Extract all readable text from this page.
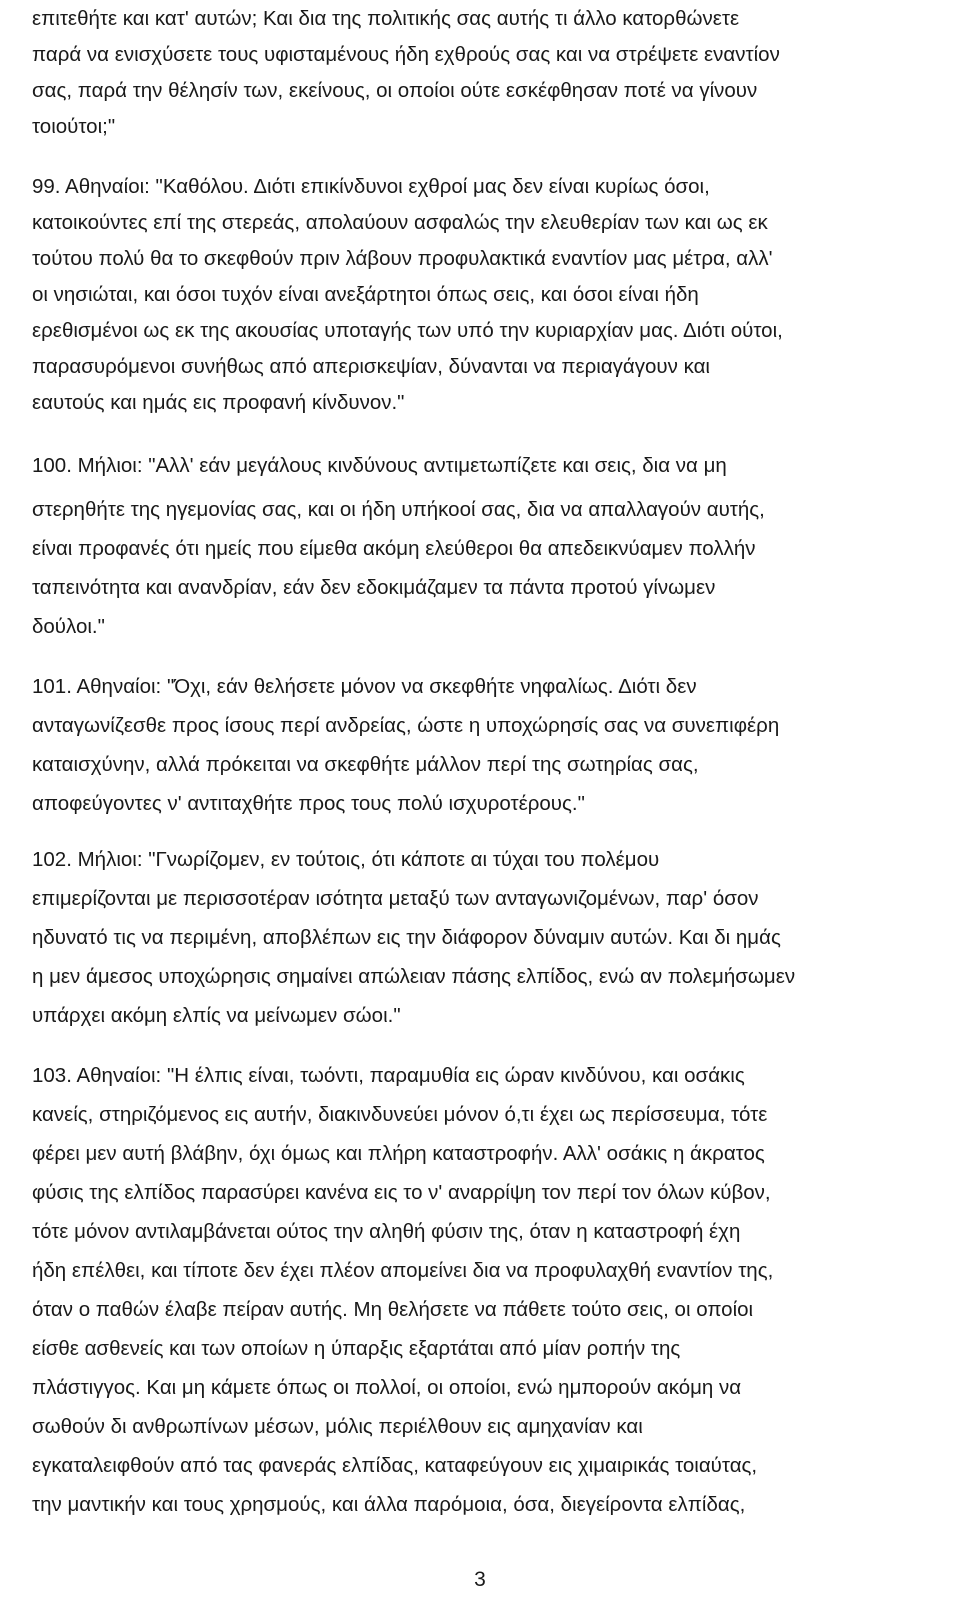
επιτεθήτε και κατ' αυτών; Και δια της πολιτικής σας αυτής τι άλλο κατορθώνετε
παρά να ενισχύσετε τους υφισταμένους ήδη εχθρούς σας και να στρέψετε εναντίον
σας, παρά την θέλησίν των, εκείνους, οι οποίοι ούτε εσκέφθησαν ποτέ να γίνουν
τοιούτοι;"
99. Αθηναίοι: "Καθόλου. Διότι επικίνδυνοι εχθροί μας δεν είναι κυρίως όσοι,
κατοικούντες επί της στερεάς, απολαύουν ασφαλώς την ελευθερίαν των και ως εκ
τούτου πολύ θα το σκεφθούν πριν λάβουν προφυλακτικά εναντίον μας μέτρα, αλλ'
οι νησιώται, και όσοι τυχόν είναι ανεξάρτητοι όπως σεις, και όσοι είναι ήδη
ερεθισμένοι ως εκ της ακουσίας υποταγής των υπό την κυριαρχίαν μας. Διότι ούτοι,
παρασυρόμενοι συνήθως από απερισκεψίαν, δύνανται να περιαγάγουν και
εαυτούς και ημάς εις προφανή κίνδυνον."
100. Μήλιοι: "Αλλ' εάν μεγάλους κινδύνους αντιμετωπίζετε και σεις, δια να μη
στερηθήτε της ηγεμονίας σας, και οι ήδη υπήκοοί σας, δια να απαλλαγούν αυτής,
είναι προφανές ότι ημείς που είμεθα ακόμη ελεύθεροι θα απεδεικνύαμεν πολλήν
ταπεινότητα και ανανδρίαν, εάν δεν εδοκιμάζαμεν τα πάντα προτού γίνωμεν
δούλοι."
101. Αθηναίοι: "Όχι, εάν θελήσετε μόνον να σκεφθήτε νηφαλίως. Διότι δεν
ανταγωνίζεσθε προς ίσους περί ανδρείας, ώστε η υποχώρησίς σας να συνεπιφέρη
καταισχύνην, αλλά πρόκειται να σκεφθήτε μάλλον περί της σωτηρίας σας,
αποφεύγοντες ν' αντιταχθήτε προς τους πολύ ισχυροτέρους."
102. Μήλιοι: "Γνωρίζομεν, εν τούτοις, ότι κάποτε αι τύχαι του πολέμου
επιμερίζονται με περισσοτέραν ισότητα μεταξύ των ανταγωνιζομένων, παρ' όσον
ηδυνατό τις να περιμένη, αποβλέπων εις την διάφορον δύναμιν αυτών. Και δι ημάς
η μεν άμεσος υποχώρησις σημαίνει απώλειαν πάσης ελπίδος, ενώ αν πολεμήσωμεν
υπάρχει ακόμη ελπίς να μείνωμεν σώοι."
103. Αθηναίοι: "Η έλπις είναι, τωόντι, παραμυθία εις ώραν κινδύνου, και οσάκις
κανείς, στηριζόμενος εις αυτήν, διακινδυνεύει μόνον ό,τι έχει ως περίσσευμα, τότε
φέρει μεν αυτή βλάβην, όχι όμως και πλήρη καταστροφήν. Αλλ' οσάκις η άκρατος
φύσις της ελπίδος παρασύρει κανένα εις το ν' αναρρίψη τον περί τον όλων κύβον,
τότε μόνον αντιλαμβάνεται ούτος την αληθή φύσιν της, όταν η καταστροφή έχη
ήδη επέλθει, και τίποτε δεν έχει πλέον απομείνει δια να προφυλαχθή εναντίον της,
όταν ο παθών έλαβε πείραν αυτής. Μη θελήσετε να πάθετε τούτο σεις, οι οποίοι
είσθε ασθενείς και των οποίων η ύπαρξις εξαρτάται από μίαν ροπήν της
πλάστιγγος. Και μη κάμετε όπως οι πολλοί, οι οποίοι, ενώ ημπορούν ακόμη να
σωθούν δι ανθρωπίνων μέσων, μόλις περιέλθουν εις αμηχανίαν και
εγκαταλειφθούν από τας φανεράς ελπίδας, καταφεύγουν εις χιμαιρικάς τοιαύτας,
την μαντικήν και τους χρησμούς, και άλλα παρόμοια, όσα, διεγείροντα ελπίδας,
3
